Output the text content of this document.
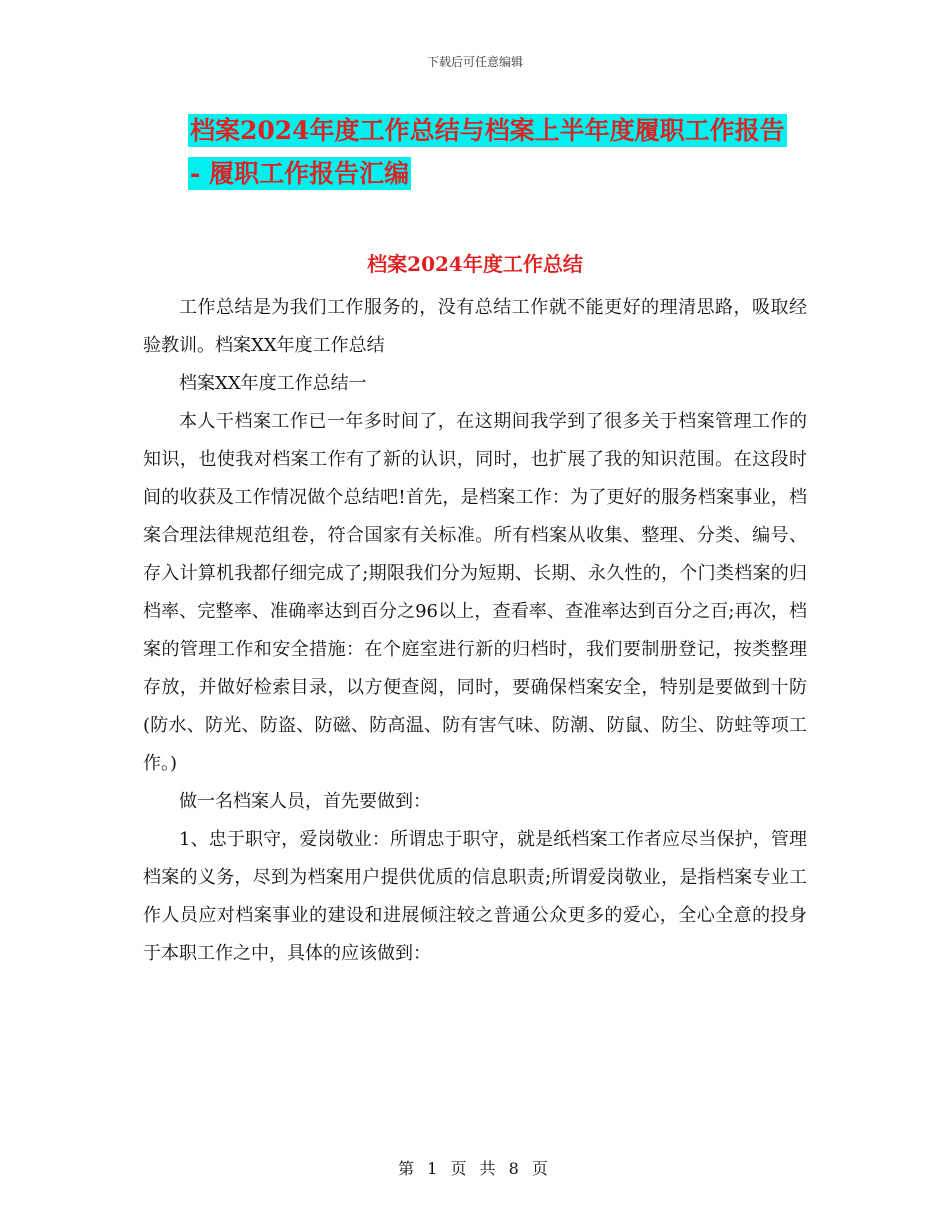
下载后可任意编辑
档案2024年度工作总结与档案上半年度履职工作报告
- 履职工作报告汇编
档案2024年度工作总结

工作总结是为我们工作服务的，没有总结工作就不能更好的理清思路，吸取经验教训。档案XX年度工作总结

档案XX年度工作总结一

本人干档案工作已一年多时间了，在这期间我学到了很多关于档案管理工作的知识，也使我对档案工作有了新的认识，同时，也扩展了我的知识范围。在这段时间的收获及工作情况做个总结吧!首先，是档案工作：为了更好的服务档案事业，档案合理法律规范组卷，符合国家有关标准。所有档案从收集、整理、分类、编号、存入计算机我都仔细完成了;期限我们分为短期、长期、永久性的，个门类档案的归档率、完整率、准确率达到百分之96以上，查看率、查准率达到百分之百;再次，档案的管理工作和安全措施：在个庭室进行新的归档时，我们要制册登记，按类整理存放，并做好检索目录，以方便查阅，同时，要确保档案安全，特别是要做到十防(防水、防光、防盗、防磁、防高温、防有害气味、防潮、防鼠、防尘、防蛀等项工作。)

做一名档案人员，首先要做到：

1、忠于职守，爱岗敬业：所谓忠于职守，就是纸档案工作者应尽当保护，管理档案的义务，尽到为档案用户提供优质的信息职责;所谓爱岗敬业，是指档案专业工作人员应对档案事业的建设和进展倾注较之普通公众更多的爱心，全心全意的投身于本职工作之中，具体的应该做到：

第 1 页 共 8 页
